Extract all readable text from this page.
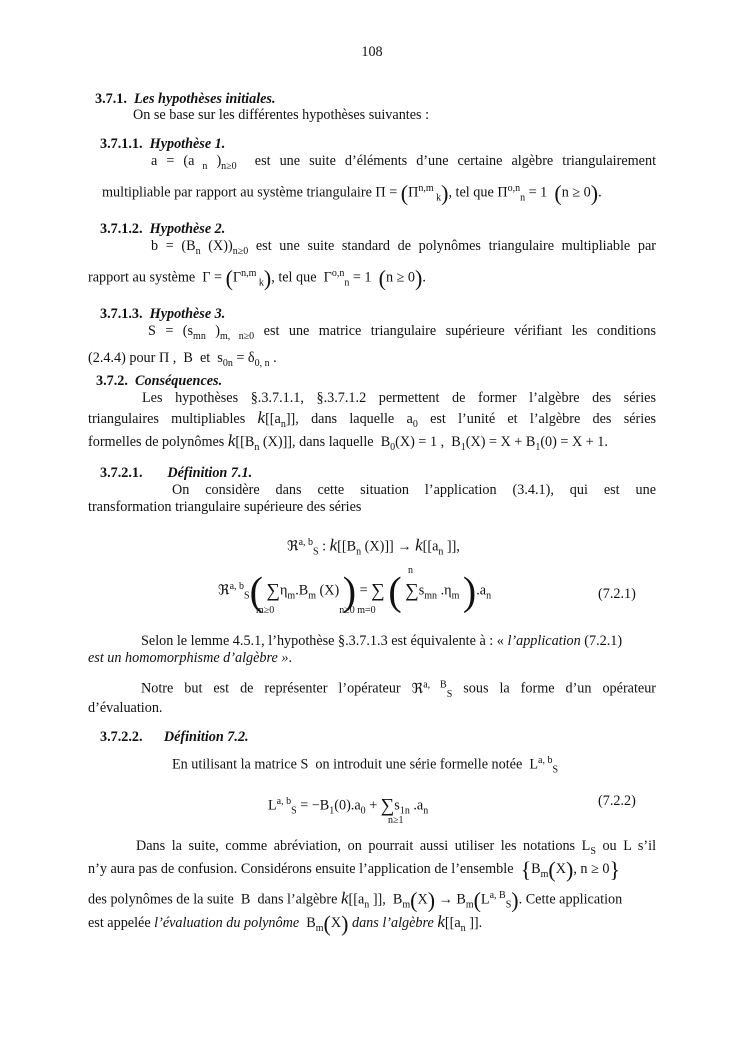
108
3.7.1. Les hypothèses initiales.
On se base sur les différentes hypothèses suivantes :
3.7.1.1. Hypothèse 1.
a = (a $_n$ )$_{n\ge 0}$ est une suite d’éléments d’une certaine algèbre triangulairement
multipliable par rapport au système triangulaire $\Pi = (\Pi^{n,m}$ $_k$), tel que Π$^{o,n}_n$ = 1  (n ≥ 0).
3.7.1.2. Hypothèse 2.
$b = (B_n$ $(X))_{n\ge 0}$ est une suite standard de polynômes triangulaire multipliable par
rapport au système  $\Gamma = (\Gamma^{n,m}$ $_k$), tel que  Γ$^{o,n}_n$ = 1  (n ≥ 0).
3.7.1.3. Hypothèse 3.
$S = (s_{mn}$ )$_{m, n\ge 0}$ est une matrice triangulaire supérieure vérifiant les conditions
(2.4.4) pour Π ,  B  et  $s_{0n} = \delta_{0, n}$ .
3.7.2. Conséquences.
Les hypothèses §.3.7.1.1, §.3.7.1.2 permettent de former l’algèbre des séries
triangulaires multipliables $k[[a_n]]$, dans laquelle $a_0$ est l’unité et l’algèbre des séries
formelles de polynômes $k[[B_n$ (X)]], dans laquelle  $B_0(X) = 1$ ,  $B_1(X) = X + B_1(0) = X + 1$.
3.7.2.1. Définition 7.1.
On considère dans cette situation l’application (3.4.1), qui est une
transformation triangulaire supérieure des séries
ℜ$^{a, b}_S$ : $k[[B_n$ $(X)]] \to k[[a_n$ ]],
ℜ$^{a, b}_S$( $\sum\eta_m.B_m$ (X) ) = ∑ ( $\sum s_{mn}$ $.\eta_m$ )$.a_n$
m≥0                          n≥0 m=0
n
(7.2.1)
Selon le lemme 4.5.1, l’hypothèse §.3.7.1.3 est équivalente à : « l’application (7.2.1)
est un homomorphisme d’algèbre ».
Notre but est de représenter l’opérateur ℜ$^{a, B}_S$ sous la forme d’un opérateur
d’évaluation.
3.7.2.2. Définition 7.2.
En utilisant la matrice S  on introduit une série formelle notée  L$^{a, b}_S$
$L^{a, b}_S = -B_1(0).a_0 + \sum s_{1n}$ $.a_n$
n≥1
(7.2.2)
Dans la suite, comme abréviation, on pourrait aussi utiliser les notations $L_S$ ou L s’il
n’y aura pas de confusion. Considérons ensuite l’application de l’ensemble {$B_m(X)$, n ≥ 0}
des polynômes de la suite  B  dans l’algèbre $k[[a_n$ ]],  $B_m(X) \to B_m(L^{a, B}_S)$. Cette application
est appelée l’évaluation du polynôme  $B_m(X)$ dans l’algèbre $k[[a_n$ ]].
